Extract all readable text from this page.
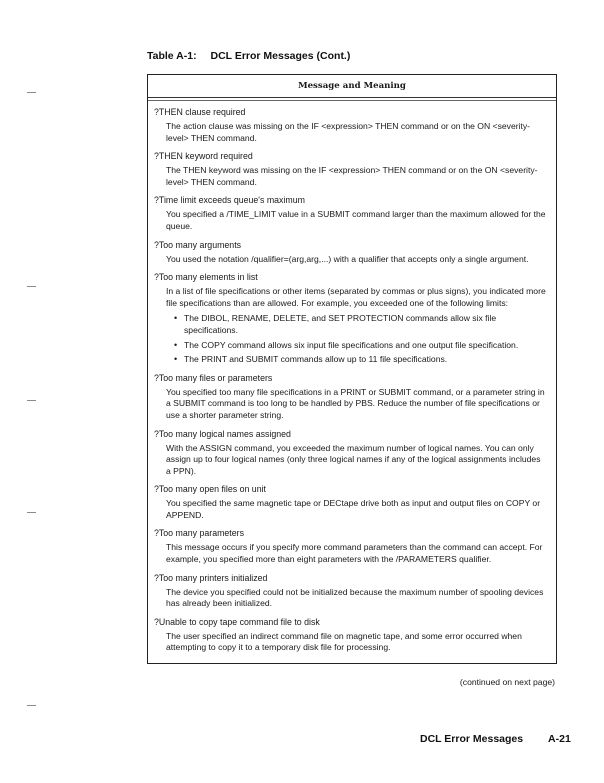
Table A-1: DCL Error Messages (Cont.)
Message and Meaning
?THEN clause required
The action clause was missing on the IF <expression> THEN command or on the ON <severity-level> THEN command.
?THEN keyword required
The THEN keyword was missing on the IF <expression> THEN command or on the ON <severity-level> THEN command.
?Time limit exceeds queue's maximum
You specified a /TIME_LIMIT value in a SUBMIT command larger than the maximum allowed for the queue.
?Too many arguments
You used the notation /qualifier=(arg,arg,...) with a qualifier that accepts only a single argument.
?Too many elements in list
In a list of file specifications or other items (separated by commas or plus signs), you indicated more file specifications than are allowed. For example, you exceeded one of the following limits:
• The DIBOL, RENAME, DELETE, and SET PROTECTION commands allow six file specifications.
• The COPY command allows six input file specifications and one output file specification.
• The PRINT and SUBMIT commands allow up to 11 file specifications.
?Too many files or parameters
You specified too many file specifications in a PRINT or SUBMIT command, or a parameter string in a SUBMIT command is too long to be handled by PBS. Reduce the number of file specifications or use a shorter parameter string.
?Too many logical names assigned
With the ASSIGN command, you exceeded the maximum number of logical names. You can only assign up to four logical names (only three logical names if any of the logical assignments includes a PPN).
?Too many open files on unit
You specified the same magnetic tape or DECtape drive both as input and output files on COPY or APPEND.
?Too many parameters
This message occurs if you specify more command parameters than the command can accept. For example, you specified more than eight parameters with the /PARAMETERS qualifier.
?Too many printers initialized
The device you specified could not be initialized because the maximum number of spooling devices has already been initialized.
?Unable to copy tape command file to disk
The user specified an indirect command file on magnetic tape, and some error occurred when attempting to copy it to a temporary disk file for processing.
(continued on next page)
DCL Error Messages A-21
